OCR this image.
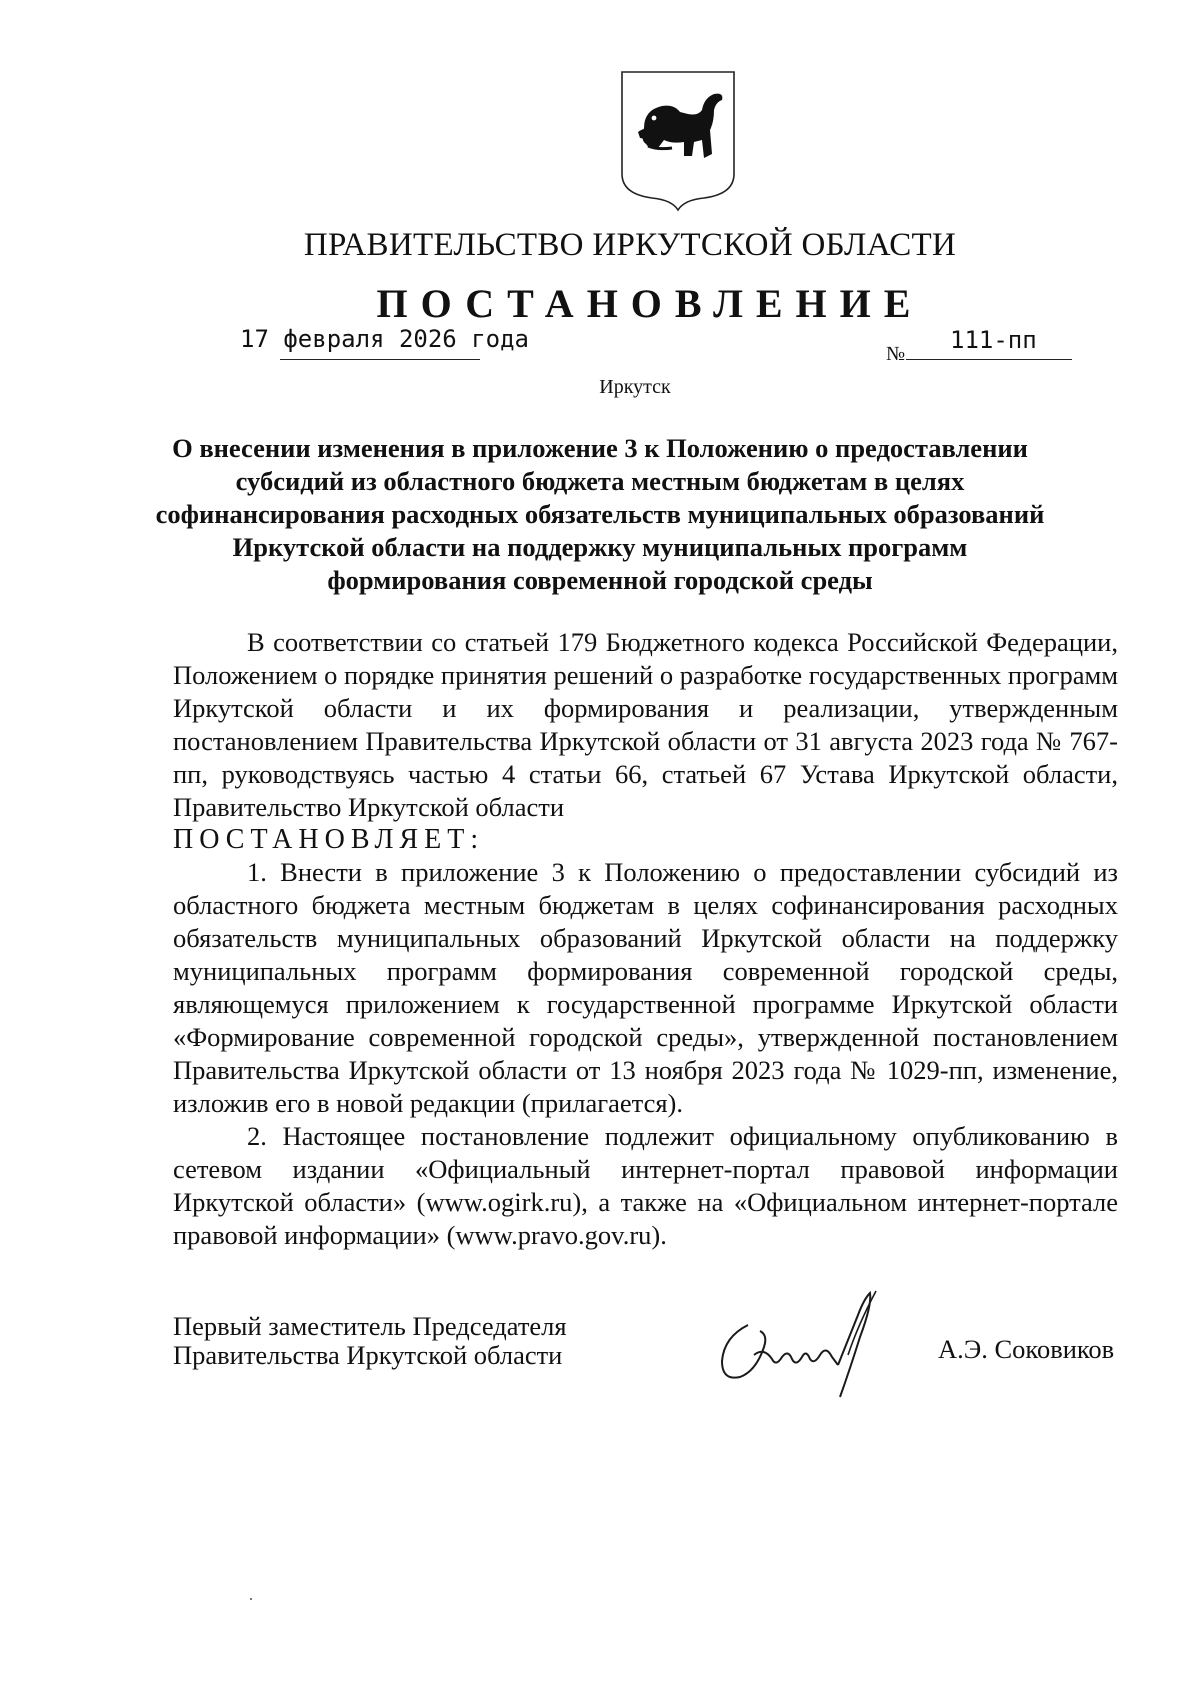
ПРАВИТЕЛЬСТВО ИРКУТСКОЙ ОБЛАСТИ
ПОСТАНОВЛЕНИЕ
17 февраля 2026 года
№ 111-пп
Иркутск
О внесении изменения в приложение 3 к Положению о предоставлении субсидий из областного бюджета местным бюджетам в целях софинансирования расходных обязательств муниципальных образований Иркутской области на поддержку муниципальных программ формирования современной городской среды
В соответствии со статьей 179 Бюджетного кодекса Российской Федерации, Положением о порядке принятия решений о разработке государственных программ Иркутской области и их формирования и реализации, утвержденным постановлением Правительства Иркутской области от 31 августа 2023 года № 767-пп, руководствуясь частью 4 статьи 66, статьей 67 Устава Иркутской области, Правительство Иркутской области
ПОСТАНОВЛЯЕТ:
1. Внести в приложение 3 к Положению о предоставлении субсидий из областного бюджета местным бюджетам в целях софинансирования расходных обязательств муниципальных образований Иркутской области на поддержку муниципальных программ формирования современной городской среды, являющемуся приложением к государственной программе Иркутской области «Формирование современной городской среды», утвержденной постановлением Правительства Иркутской области от 13 ноября 2023 года № 1029-пп, изменение, изложив его в новой редакции (прилагается).
2. Настоящее постановление подлежит официальному опубликованию в сетевом издании «Официальный интернет-портал правовой информации Иркутской области» (www.ogirk.ru), а также на «Официальном интернет-портале правовой информации» (www.pravo.gov.ru).
Первый заместитель Председателя
Правительства Иркутской области	А.Э. Соковиков
